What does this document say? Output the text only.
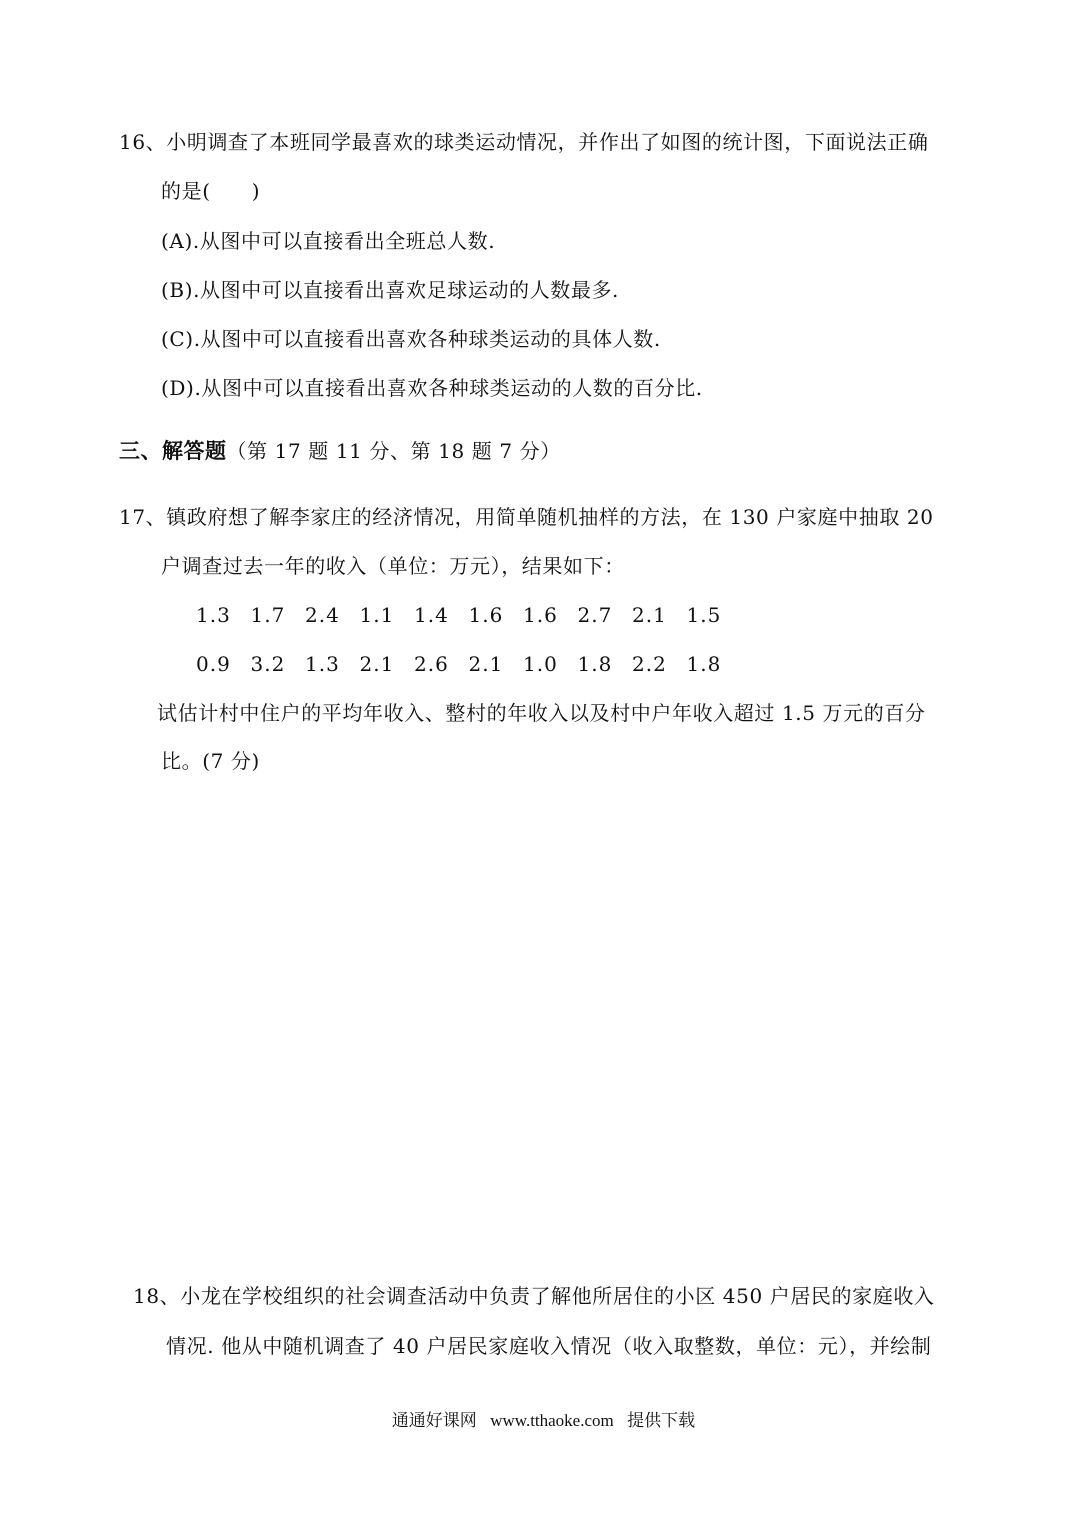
16、小明调查了本班同学最喜欢的球类运动情况，并作出了如图的统计图，下面说法正确
的是(　　)
(A).从图中可以直接看出全班总人数.
(B).从图中可以直接看出喜欢足球运动的人数最多.
(C).从图中可以直接看出喜欢各种球类运动的具体人数.
(D).从图中可以直接看出喜欢各种球类运动的人数的百分比.
三、解答题（第 17 题 11 分、第 18 题 7 分）
17、镇政府想了解李家庄的经济情况，用简单随机抽样的方法，在 130 户家庭中抽取 20
户调查过去一年的收入（单位：万元），结果如下：
1.3 1.7 2.4 1.1 1.4 1.6 1.6 2.7 2.1 1.5
0.9 3.2 1.3 2.1 2.6 2.1 1.0 1.8 2.2 1.8
试估计村中住户的平均年收入、整村的年收入以及村中户年收入超过 1.5 万元的百分
比。(7 分)
18、小龙在学校组织的社会调查活动中负责了解他所居住的小区 450 户居民的家庭收入
情况. 他从中随机调查了 40 户居民家庭收入情况（收入取整数，单位：元），并绘制
通通好课网 www.tthaoke.com 提供下载
